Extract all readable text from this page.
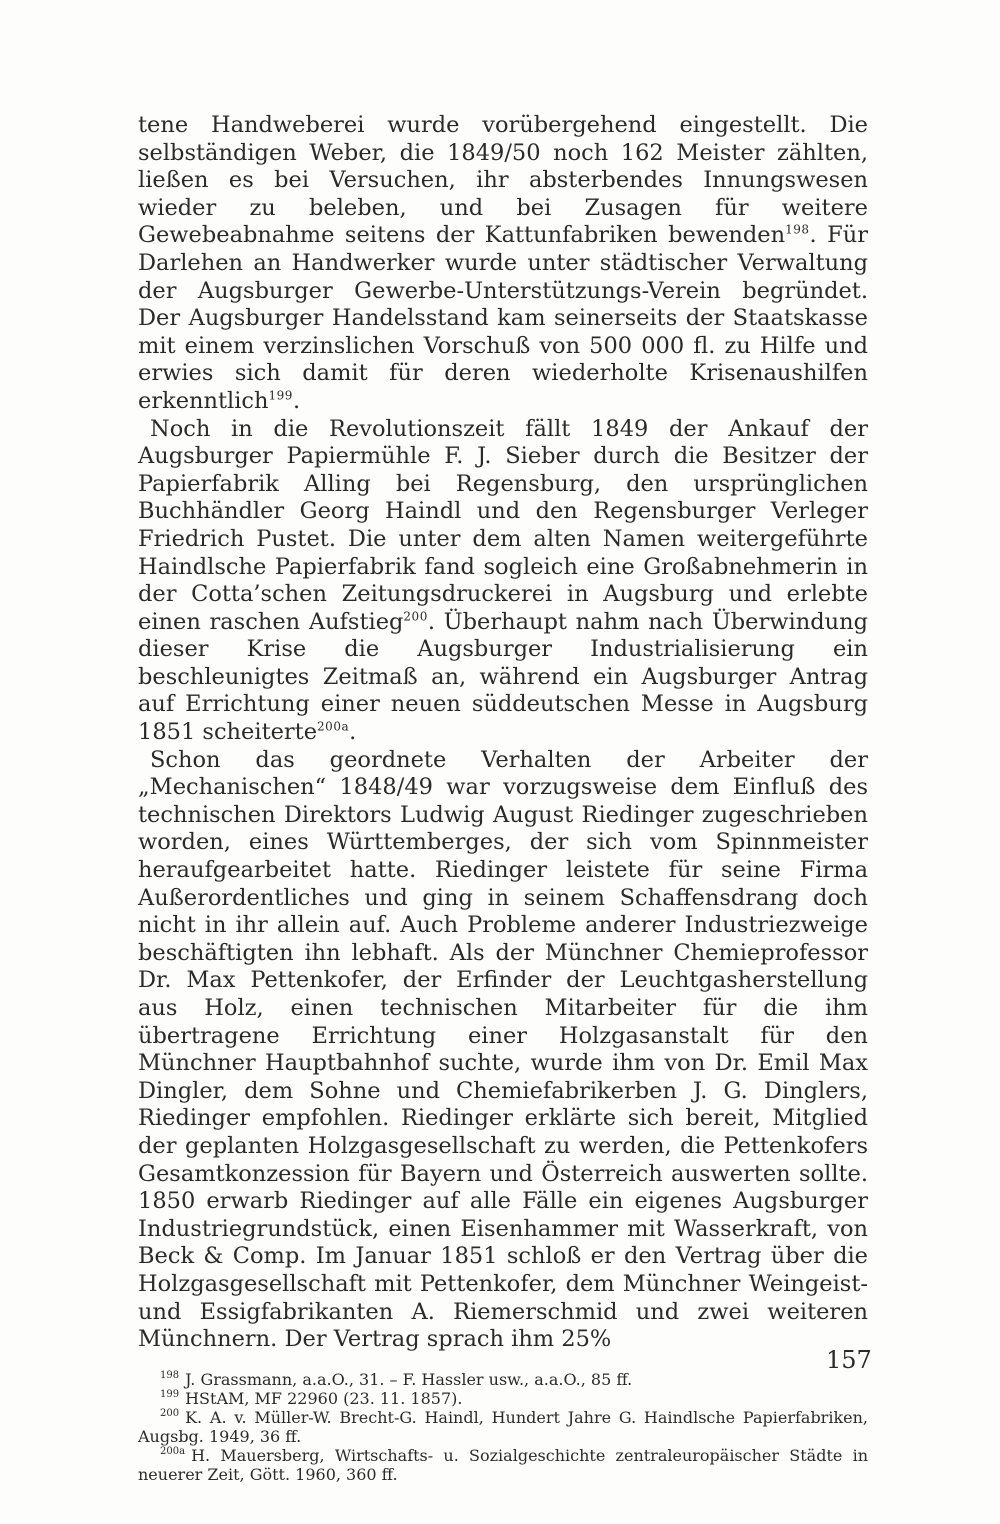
tene Handweberei wurde vorübergehend eingestellt. Die selbständigen Weber, die 1849/50 noch 162 Meister zählten, ließen es bei Versuchen, ihr absterbendes Innungswesen wieder zu beleben, und bei Zusagen für weitere Gewebeabnahme seitens der Kattunfabriken bewenden$^{198}$. Für Darlehen an Handwerker wurde unter städtischer Verwaltung der Augsburger Gewerbe-Unterstützungs-Verein begründet. Der Augsburger Handelsstand kam seinerseits der Staatskasse mit einem verzinslichen Vorschuß von 500 000 fl. zu Hilfe und erwies sich damit für deren wiederholte Krisenaushilfen erkenntlich$^{199}$.

Noch in die Revolutionszeit fällt 1849 der Ankauf der Augsburger Papiermühle F. J. Sieber durch die Besitzer der Papierfabrik Alling bei Regensburg, den ursprünglichen Buchhändler Georg Haindl und den Regensburger Verleger Friedrich Pustet. Die unter dem alten Namen weitergeführte Haindlsche Papierfabrik fand sogleich eine Großabnehmerin in der Cotta’schen Zeitungsdruckerei in Augsburg und erlebte einen raschen Aufstieg$^{200}$. Überhaupt nahm nach Überwindung dieser Krise die Augsburger Industrialisierung ein beschleunigtes Zeitmaß an, während ein Augsburger Antrag auf Errichtung einer neuen süddeutschen Messe in Augsburg 1851 scheiterte$^{200a}$.

Schon das geordnete Verhalten der Arbeiter der „Mechanischen“ 1848/49 war vorzugsweise dem Einfluß des technischen Direktors Ludwig August Riedinger zugeschrieben worden, eines Württemberges, der sich vom Spinnmeister heraufgearbeitet hatte. Riedinger leistete für seine Firma Außerordentliches und ging in seinem Schaffensdrang doch nicht in ihr allein auf. Auch Probleme anderer Industriezweige beschäftigten ihn lebhaft. Als der Münchner Chemieprofessor Dr. Max Pettenkofer, der Erfinder der Leuchtgasherstellung aus Holz, einen technischen Mitarbeiter für die ihm übertragene Errichtung einer Holzgasanstalt für den Münchner Hauptbahnhof suchte, wurde ihm von Dr. Emil Max Dingler, dem Sohne und Chemiefabrikerben J. G. Dinglers, Riedinger empfohlen. Riedinger erklärte sich bereit, Mitglied der geplanten Holzgasgesellschaft zu werden, die Pettenkofers Gesamtkonzession für Bayern und Österreich auswerten sollte. 1850 erwarb Riedinger auf alle Fälle ein eigenes Augsburger Industriegrundstück, einen Eisenhammer mit Wasserkraft, von Beck & Comp. Im Januar 1851 schloß er den Vertrag über die Holzgasgesellschaft mit Pettenkofer, dem Münchner Weingeist- und Essigfabrikanten A. Riemerschmid und zwei weiteren Münchnern. Der Vertrag sprach ihm 25%

$^{198}$ J. Grassmann, a.a.O., 31. – F. Hassler usw., a.a.O., 85 ff.

$^{199}$ HStAM, MF 22960 (23. 11. 1857).

$^{200}$ K. A. v. Müller-W. Brecht-G. Haindl, Hundert Jahre G. Haindlsche Papierfabriken, Augsbg. 1949, 36 ff.

$^{200a}$ H. Mauersberg, Wirtschafts- u. Sozialgeschichte zentraleuropäischer Städte in neuerer Zeit, Gött. 1960, 360 ff.

157
